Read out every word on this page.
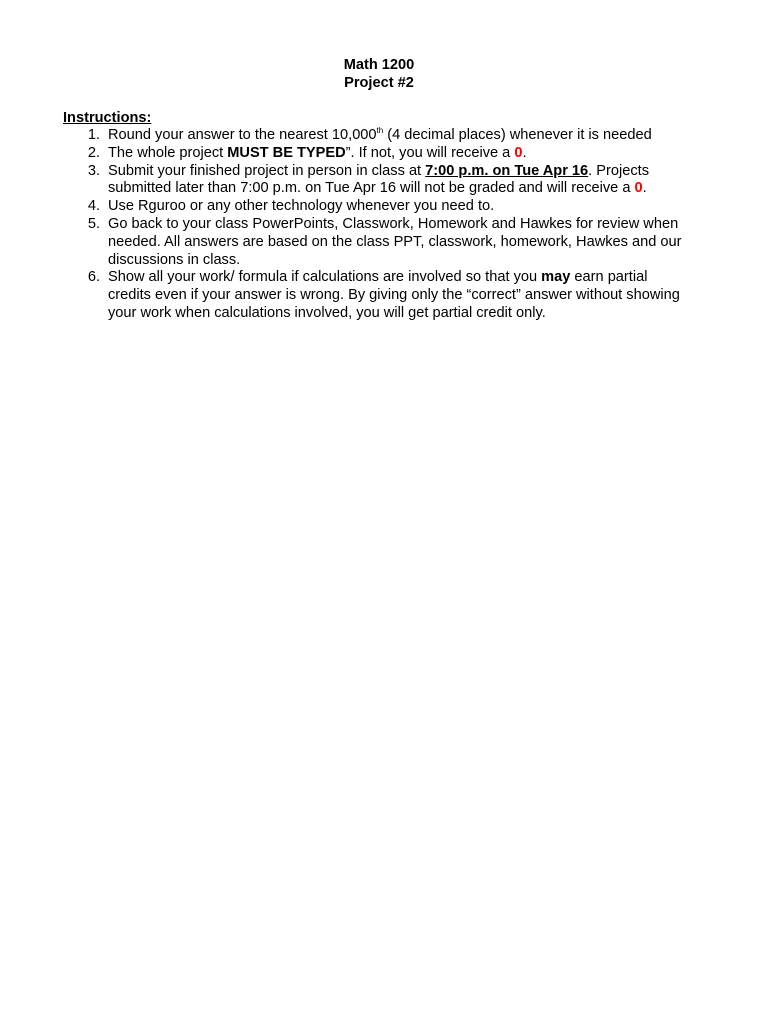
Math 1200
Project #2
Instructions:
1. Round your answer to the nearest 10,000th (4 decimal places) whenever it is needed
2. The whole project MUST BE TYPED”. If not, you will receive a 0.
3. Submit your finished project in person in class at 7:00 p.m. on Tue Apr 16. Projects submitted later than 7:00 p.m. on Tue Apr 16 will not be graded and will receive a 0.
4. Use Rguroo or any other technology whenever you need to.
5. Go back to your class PowerPoints, Classwork, Homework and Hawkes for review when needed. All answers are based on the class PPT, classwork, homework, Hawkes and our discussions in class.
6. Show all your work/ formula if calculations are involved so that you may earn partial credits even if your answer is wrong. By giving only the “correct” answer without showing your work when calculations involved, you will get partial credit only.
